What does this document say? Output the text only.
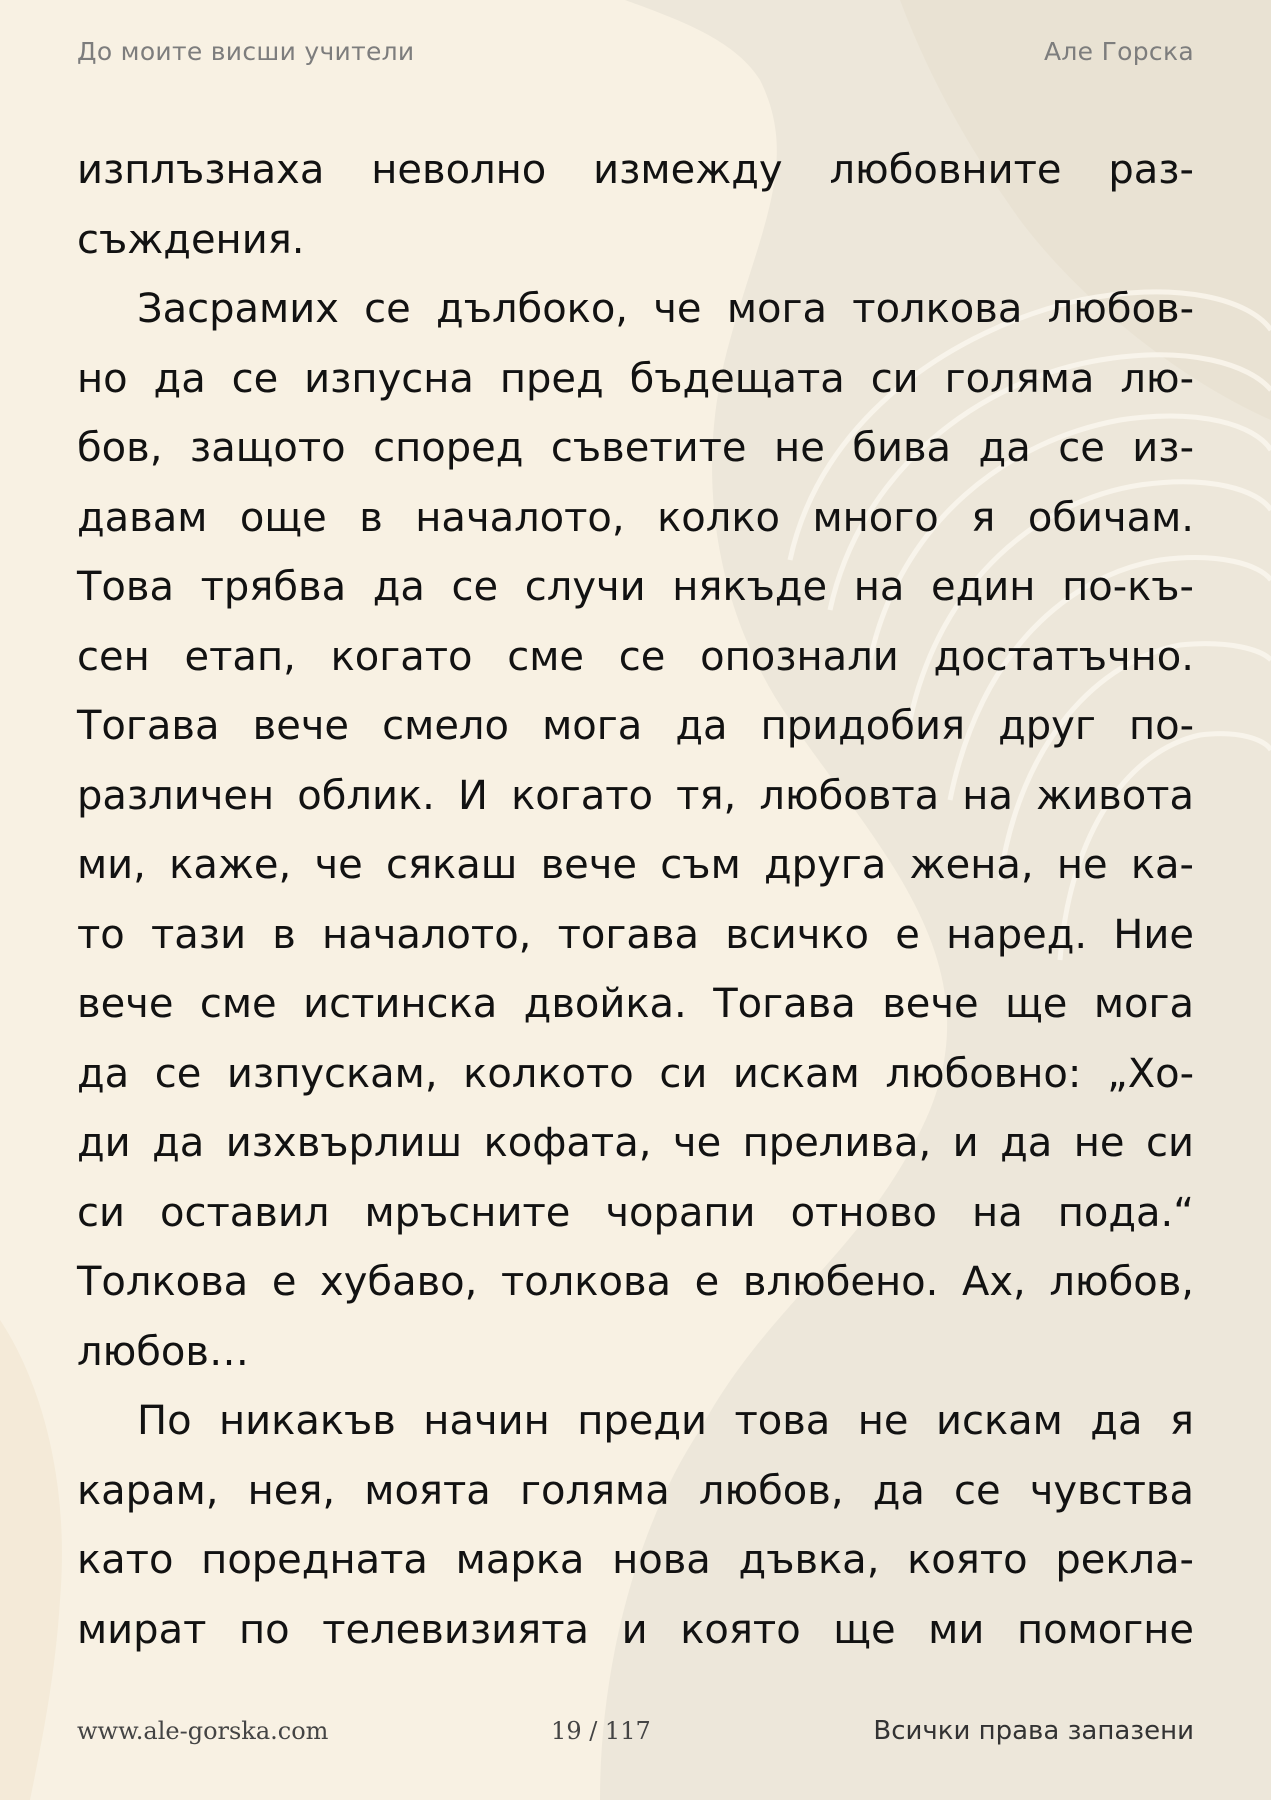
До моите висши учители	Але Горска
изплъзнаха неволно измежду любовните раз-
съждения.
Засрамих се дълбоко, че мога толкова любов-
но да се изпусна пред бъдещата си голяма лю-
бов, защото според съветите не бива да се из-
давам още в началото, колко много я обичам.
Това трябва да се случи някъде на един по-къ-
сен етап, когато сме се опознали достатъчно.
Тогава вече смело мога да придобия друг по-
различен облик. И когато тя, любовта на живота
ми, каже, че сякаш вече съм друга жена, не ка-
то тази в началото, тогава всичко е наред. Ние
вече сме истинска двойка. Тогава вече ще мога
да се изпускам, колкото си искам любовно: „Хо-
ди да изхвърлиш кофата, че прелива, и да не си
си оставил мръсните чорапи отново на пода.“
Толкова е хубаво, толкова е влюбено. Ах, любов,
любов…
По никакъв начин преди това не искам да я
карам, нея, моята голяма любов, да се чувства
като поредната марка нова дъвка, която рекла-
мират по телевизията и която ще ми помогне
www.ale-gorska.com	19 / 117	Всички права запазени
